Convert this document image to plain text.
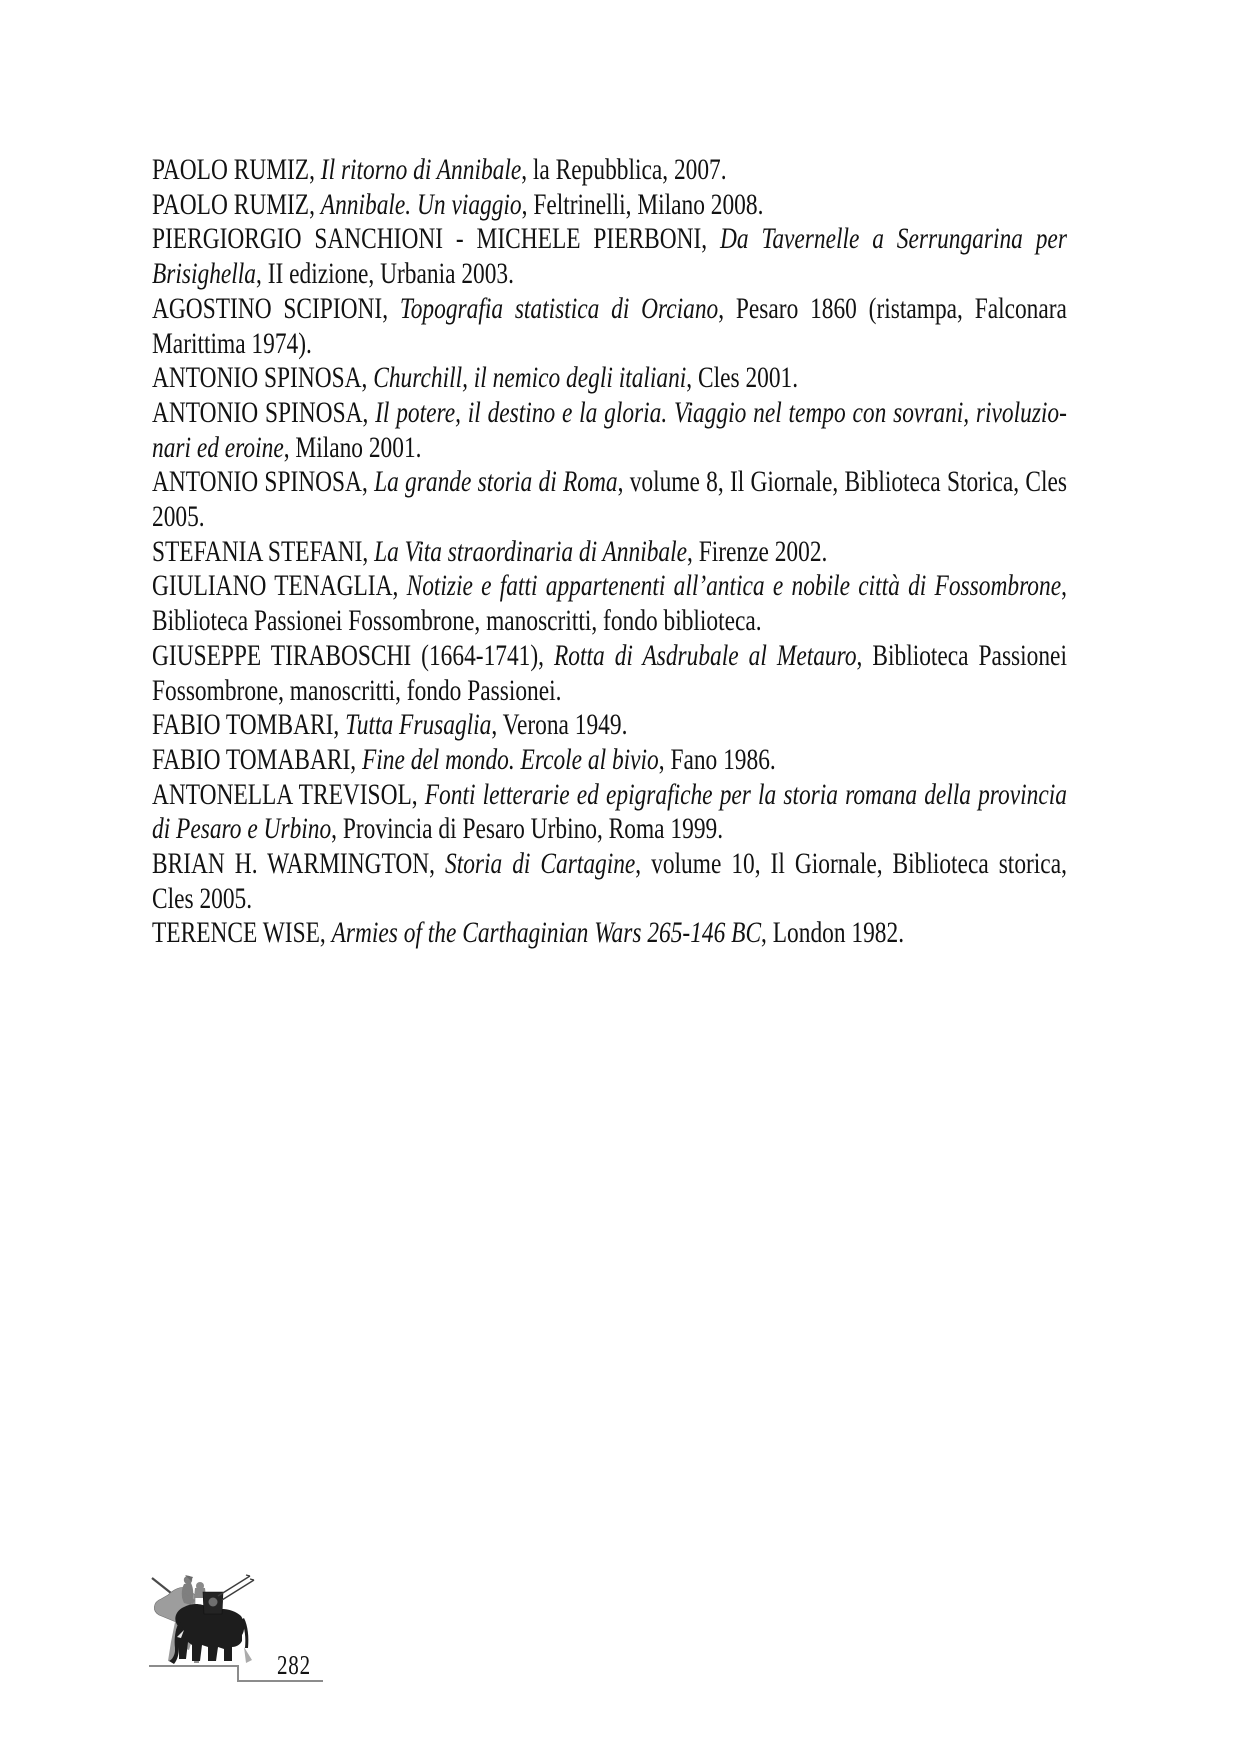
PAOLO RUMIZ, Il ritorno di Annibale, la Repubblica, 2007.

PAOLO RUMIZ, Annibale. Un viaggio, Feltrinelli, Milano 2008.

PIERGIORGIO SANCHIONI - MICHELE PIERBONI, Da Tavernelle a Serrungarina per Brisighella, II edizione, Urbania 2003.

AGOSTINO SCIPIONI, Topografia statistica di Orciano, Pesaro 1860 (ristampa, Falconara Marittima 1974).

ANTONIO SPINOSA, Churchill, il nemico degli italiani, Cles 2001.

ANTONIO SPINOSA, Il potere, il destino e la gloria. Viaggio nel tempo con sovrani, rivoluzionari ed eroine, Milano 2001.

ANTONIO SPINOSA, La grande storia di Roma, volume 8, Il Giornale, Biblioteca Storica, Cles 2005.

STEFANIA STEFANI, La Vita straordinaria di Annibale, Firenze 2002.

GIULIANO TENAGLIA, Notizie e fatti appartenenti all’antica e nobile città di Fossombrone, Biblioteca Passionei Fossombrone, manoscritti, fondo biblioteca.

GIUSEPPE TIRABOSCHI (1664-1741), Rotta di Asdrubale al Metauro, Biblioteca Passionei Fossombrone, manoscritti, fondo Passionei.

FABIO TOMBARI, Tutta Frusaglia, Verona 1949.

FABIO TOMABARI, Fine del mondo. Ercole al bivio, Fano 1986.

ANTONELLA TREVISOL, Fonti letterarie ed epigrafiche per la storia romana della provincia di Pesaro e Urbino, Provincia di Pesaro Urbino, Roma 1999.

BRIAN H. WARMINGTON, Storia di Cartagine, volume 10, Il Giornale, Biblioteca storica, Cles 2005.

TERENCE WISE, Armies of the Carthaginian Wars 265-146 BC, London 1982.

282
